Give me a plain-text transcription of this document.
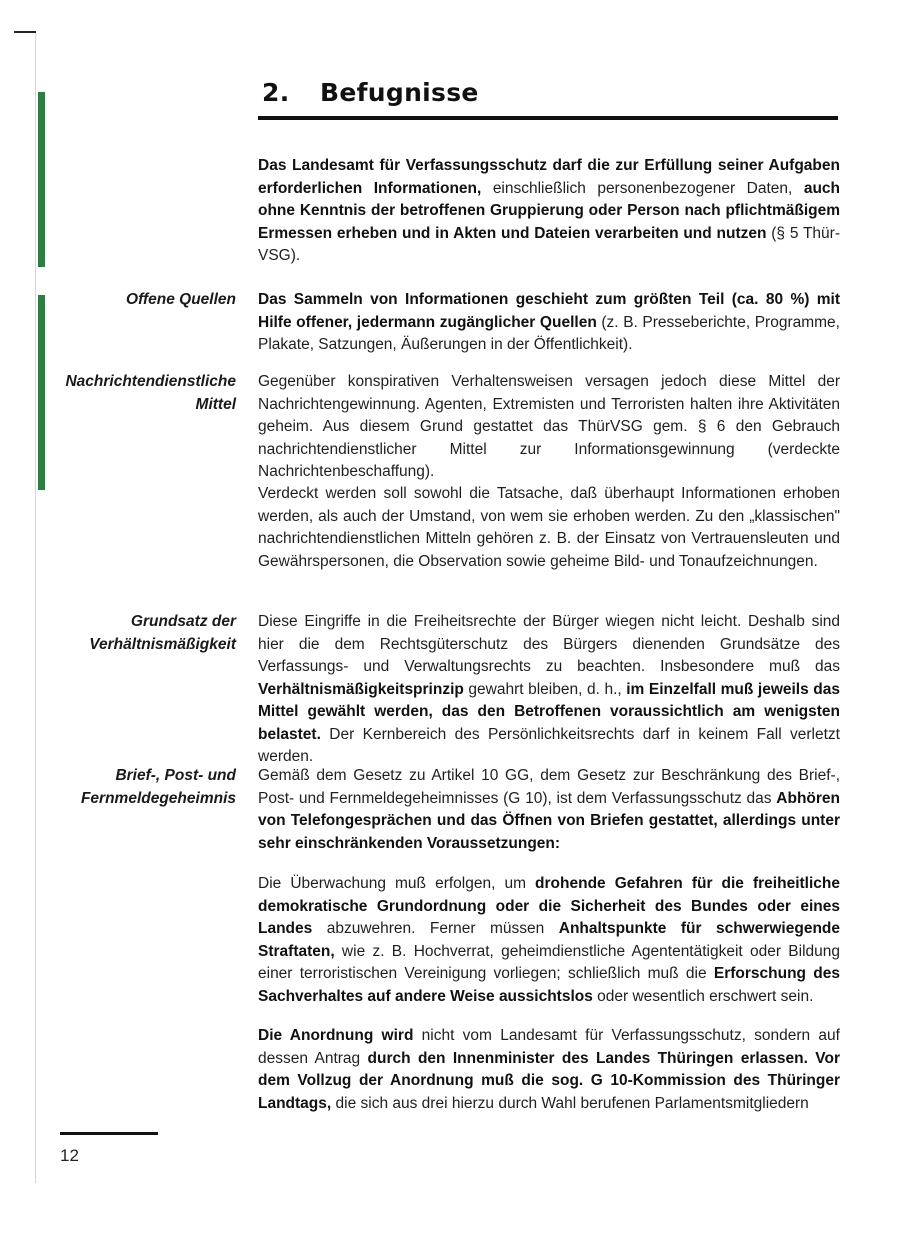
2. Befugnisse

Das Landesamt für Verfassungsschutz darf die zur Erfüllung seiner Aufgaben erforderlichen Informationen, einschließlich personenbezogener Daten, auch ohne Kenntnis der betroffenen Gruppierung oder Person nach pflichtmäßigem Ermessen erheben und in Akten und Dateien verarbeiten und nutzen (§ 5 Thür-VSG).

Offene Quellen Das Sammeln von Informationen geschieht zum größten Teil (ca. 80 %) mit Hilfe offener, jedermann zugänglicher Quellen (z. B. Presseberichte, Programme, Plakate, Satzungen, Äußerungen in der Öffentlichkeit).

Nachrichtendienstliche
Mittel

Gegenüber konspirativen Verhaltensweisen versagen jedoch diese Mittel der Nachrichtengewinnung. Agenten, Extremisten und Terroristen halten ihre Aktivitäten geheim. Aus diesem Grund gestattet das ThürVSG gem. § 6 den Gebrauch nachrichtendienstlicher Mittel zur Informationsgewinnung (verdeckte Nachrichtenbeschaffung).

Verdeckt werden soll sowohl die Tatsache, daß überhaupt Informationen erhoben werden, als auch der Umstand, von wem sie erhoben werden. Zu den „klassischen" nachrichtendienstlichen Mitteln gehören z. B. der Einsatz von Vertrauensleuten und Gewährspersonen, die Observation sowie geheime Bild- und Tonaufzeichnungen.

Grundsatz der
Verhältnismäßigkeit

Diese Eingriffe in die Freiheitsrechte der Bürger wiegen nicht leicht. Deshalb sind hier die dem Rechtsgüterschutz des Bürgers dienenden Grundsätze des Verfassungs- und Verwaltungsrechts zu beachten. Insbesondere muß das Verhältnismäßigkeitsprinzip gewahrt bleiben, d. h., im Einzelfall muß jeweils das Mittel gewählt werden, das den Betroffenen voraussichtlich am wenigsten belastet. Der Kernbereich des Persönlichkeitsrechts darf in keinem Fall verletzt werden.

Brief-, Post- und
Fernmeldegeheimnis

Gemäß dem Gesetz zu Artikel 10 GG, dem Gesetz zur Beschränkung des Brief-, Post- und Fernmeldegeheimnisses (G 10), ist dem Verfassungsschutz das Abhören von Telefongesprächen und das Öffnen von Briefen gestattet, allerdings unter sehr einschränkenden Voraussetzungen:

Die Überwachung muß erfolgen, um drohende Gefahren für die freiheitliche demokratische Grundordnung oder die Sicherheit des Bundes oder eines Landes abzuwehren. Ferner müssen Anhaltspunkte für schwerwiegende Straftaten, wie z. B. Hochverrat, geheimdienstliche Agententätigkeit oder Bildung einer terroristischen Vereinigung vorliegen; schließlich muß die Erforschung des Sachverhaltes auf andere Weise aussichtslos oder wesentlich erschwert sein.

Die Anordnung wird nicht vom Landesamt für Verfassungsschutz, sondern auf dessen Antrag durch den Innenminister des Landes Thüringen erlassen. Vor dem Vollzug der Anordnung muß die sog. G 10-Kommission des Thüringer Landtags, die sich aus drei hierzu durch Wahl berufenen Parlamentsmitgliedern

12
